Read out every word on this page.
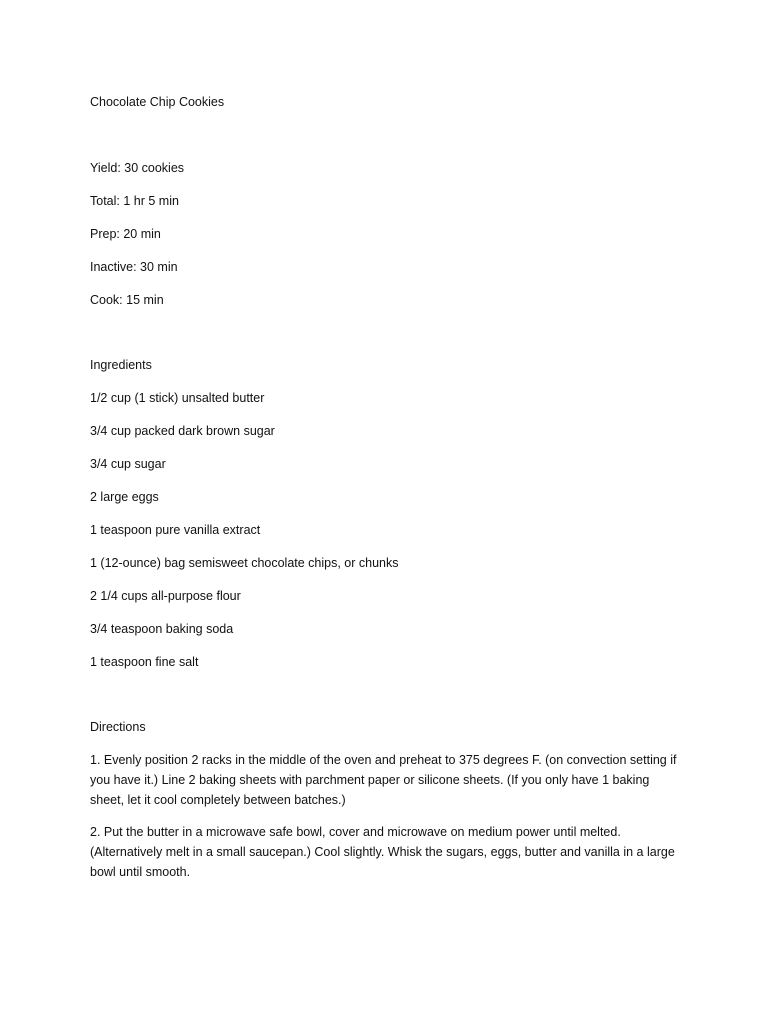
Chocolate Chip Cookies
Yield: 30 cookies
Total: 1 hr 5 min
Prep: 20 min
Inactive: 30 min
Cook: 15 min
Ingredients
1/2 cup (1 stick) unsalted butter
3/4 cup packed dark brown sugar
3/4 cup sugar
2 large eggs
1 teaspoon pure vanilla extract
1 (12-ounce) bag semisweet chocolate chips, or chunks
2 1/4 cups all-purpose flour
3/4 teaspoon baking soda
1 teaspoon fine salt
Directions
1. Evenly position 2 racks in the middle of the oven and preheat to 375 degrees F. (on convection setting if you have it.) Line 2 baking sheets with parchment paper or silicone sheets. (If you only have 1 baking sheet, let it cool completely between batches.)
2. Put the butter in a microwave safe bowl, cover and microwave on medium power until melted. (Alternatively melt in a small saucepan.) Cool slightly. Whisk the sugars, eggs, butter and vanilla in a large bowl until smooth.
